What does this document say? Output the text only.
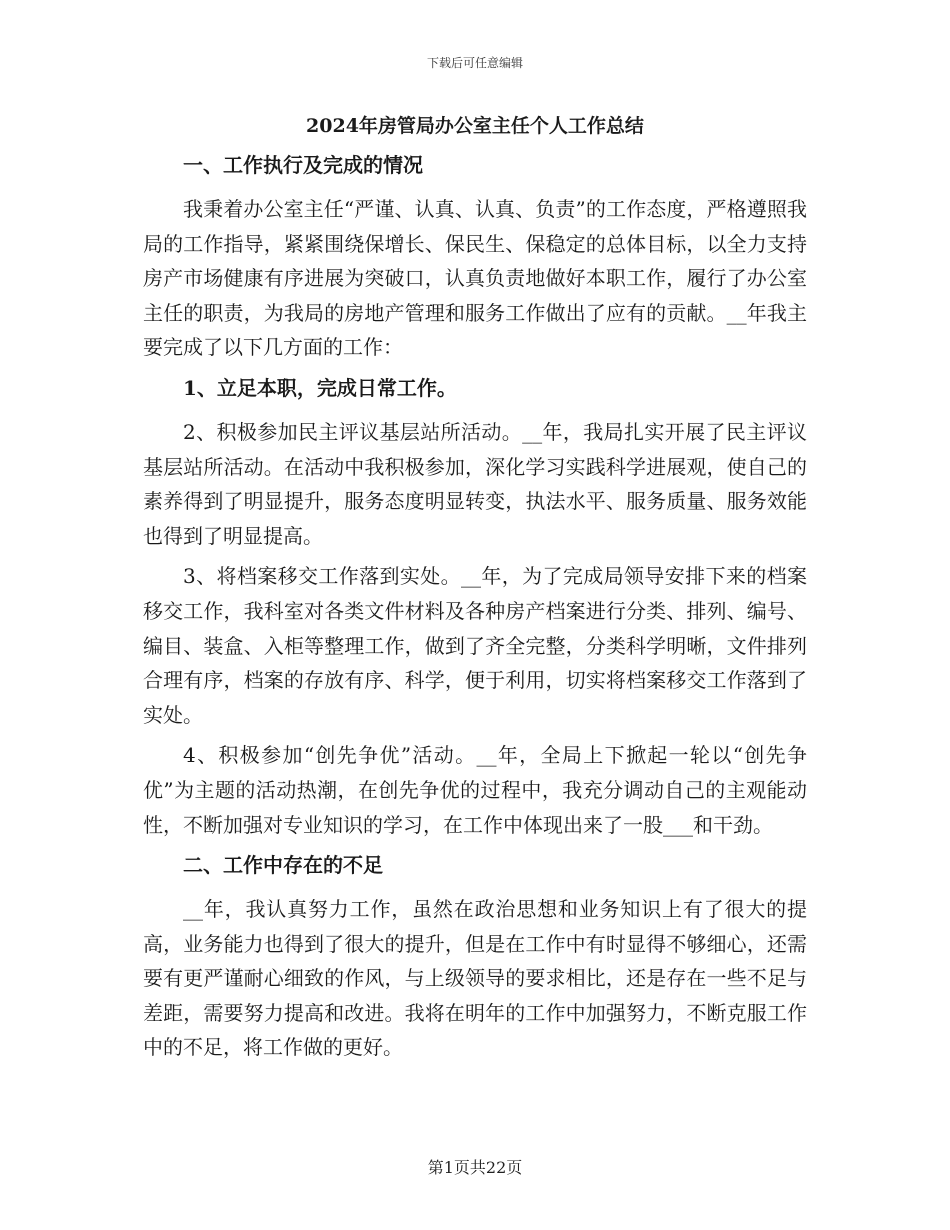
下载后可任意编辑
2024年房管局办公室主任个人工作总结
一、工作执行及完成的情况

我秉着办公室主任“严谨、认真、认真、负责”的工作态度，严格遵照我局的工作指导，紧紧围绕保增长、保民生、保稳定的总体目标，以全力支持房产市场健康有序进展为突破口，认真负责地做好本职工作，履行了办公室主任的职责，为我局的房地产管理和服务工作做出了应有的贡献。__年我主要完成了以下几方面的工作：

1、立足本职，完成日常工作。

2、积极参加民主评议基层站所活动。__年，我局扎实开展了民主评议基层站所活动。在活动中我积极参加，深化学习实践科学进展观，使自己的素养得到了明显提升，服务态度明显转变，执法水平、服务质量、服务效能也得到了明显提高。

3、将档案移交工作落到实处。__年，为了完成局领导安排下来的档案移交工作，我科室对各类文件材料及各种房产档案进行分类、排列、编号、编目、装盒、入柜等整理工作，做到了齐全完整，分类科学明晰，文件排列合理有序，档案的存放有序、科学，便于利用，切实将档案移交工作落到了实处。

4、积极参加“创先争优”活动。__年，全局上下掀起一轮以“创先争优”为主题的活动热潮，在创先争优的过程中，我充分调动自己的主观能动性，不断加强对专业知识的学习，在工作中体现出来了一股___和干劲。

二、工作中存在的不足

__年，我认真努力工作，虽然在政治思想和业务知识上有了很大的提高，业务能力也得到了很大的提升，但是在工作中有时显得不够细心，还需要有更严谨耐心细致的作风，与上级领导的要求相比，还是存在一些不足与差距，需要努力提高和改进。我将在明年的工作中加强努力，不断克服工作中的不足，将工作做的更好。

第1页共22页
